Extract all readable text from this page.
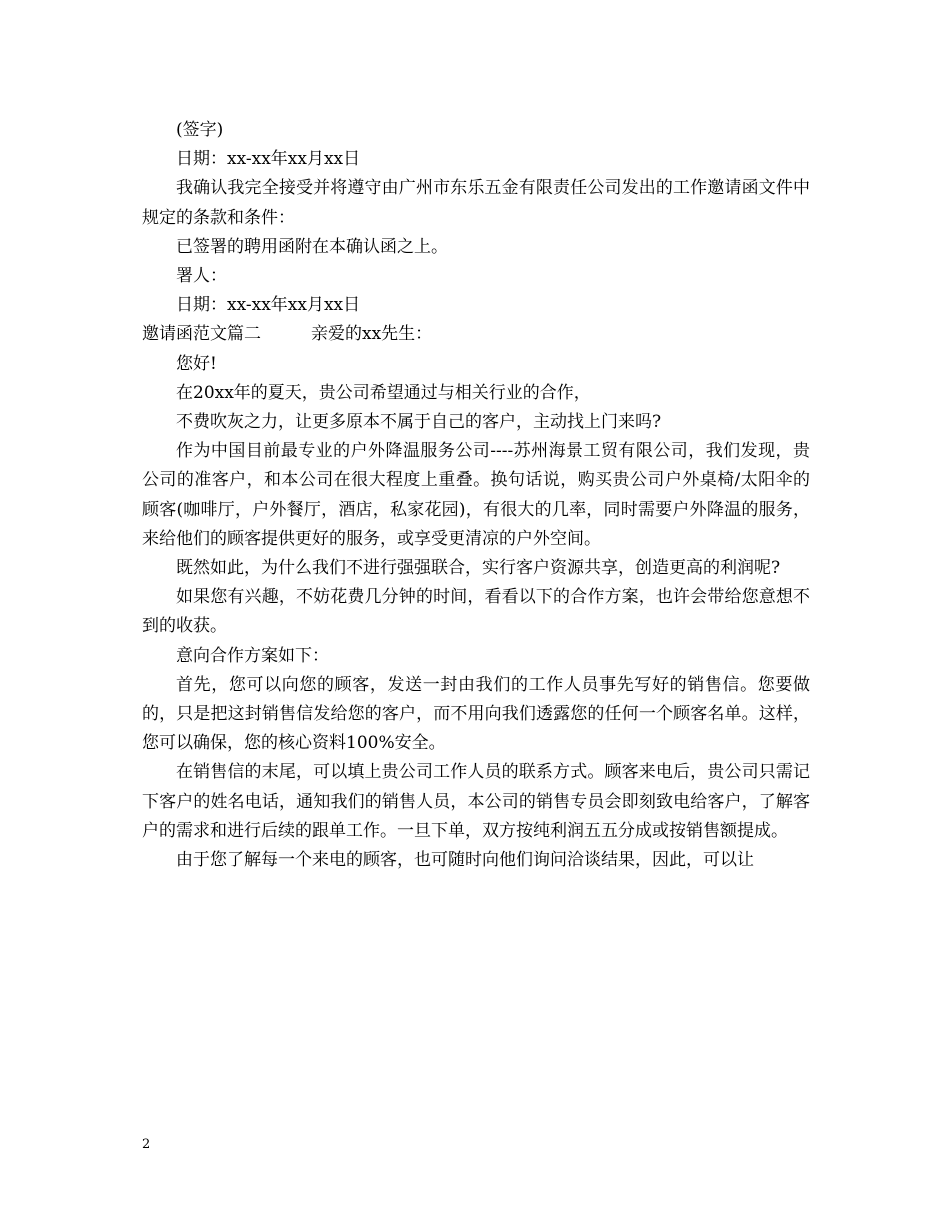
(签字)

日期：xx-xx年xx月xx日

我确认我完全接受并将遵守由广州市东乐五金有限责任公司发出的工作邀请函文件中规定的条款和条件：

已签署的聘用函附在本确认函之上。

署人：

日期：xx-xx年xx月xx日

邀请函范文篇二	亲爱的xx先生：

您好!

在20xx年的夏天，贵公司希望通过与相关行业的合作，

不费吹灰之力，让更多原本不属于自己的客户，主动找上门来吗?

作为中国目前最专业的户外降温服务公司----苏州海景工贸有限公司，我们发现，贵公司的准客户，和本公司在很大程度上重叠。换句话说，购买贵公司户外桌椅/太阳伞的顾客(咖啡厅，户外餐厅，酒店，私家花园)，有很大的几率，同时需要户外降温的服务，来给他们的顾客提供更好的服务，或享受更清凉的户外空间。

既然如此，为什么我们不进行强强联合，实行客户资源共享，创造更高的利润呢?

如果您有兴趣，不妨花费几分钟的时间，看看以下的合作方案，也许会带给您意想不到的收获。

意向合作方案如下：

首先，您可以向您的顾客，发送一封由我们的工作人员事先写好的销售信。您要做的，只是把这封销售信发给您的客户，而不用向我们透露您的任何一个顾客名单。这样，您可以确保，您的核心资料100%安全。

在销售信的末尾，可以填上贵公司工作人员的联系方式。顾客来电后，贵公司只需记下客户的姓名电话，通知我们的销售人员，本公司的销售专员会即刻致电给客户，了解客户的需求和进行后续的跟单工作。一旦下单，双方按纯利润五五分成或按销售额提成。

由于您了解每一个来电的顾客，也可随时向他们询问洽谈结果，因此，可以让

2
